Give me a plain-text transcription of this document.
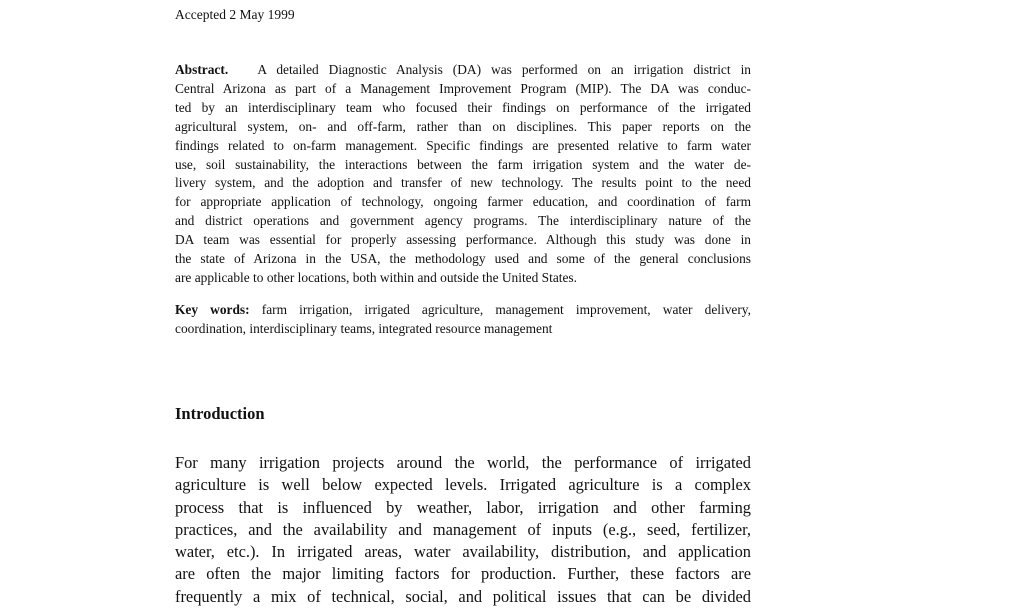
Accepted 2 May 1999
Abstract. A detailed Diagnostic Analysis (DA) was performed on an irrigation district in
Central Arizona as part of a Management Improvement Program (MIP). The DA was conduc-
ted by an interdisciplinary team who focused their findings on performance of the irrigated
agricultural system, on- and off-farm, rather than on disciplines. This paper reports on the
findings related to on-farm management. Specific findings are presented relative to farm water
use, soil sustainability, the interactions between the farm irrigation system and the water de-
livery system, and the adoption and transfer of new technology. The results point to the need
for appropriate application of technology, ongoing farmer education, and coordination of farm
and district operations and government agency programs. The interdisciplinary nature of the
DA team was essential for properly assessing performance. Although this study was done in
the state of Arizona in the USA, the methodology used and some of the general conclusions
are applicable to other locations, both within and outside the United States.
Key words: farm irrigation, irrigated agriculture, management improvement, water delivery,
coordination, interdisciplinary teams, integrated resource management
Introduction
For many irrigation projects around the world, the performance of irrigated
agriculture is well below expected levels. Irrigated agriculture is a complex
process that is influenced by weather, labor, irrigation and other farming
practices, and the availability and management of inputs (e.g., seed, fertilizer,
water, etc.). In irrigated areas, water availability, distribution, and application
are often the major limiting factors for production. Further, these factors are
frequently a mix of technical, social, and political issues that can be divided
